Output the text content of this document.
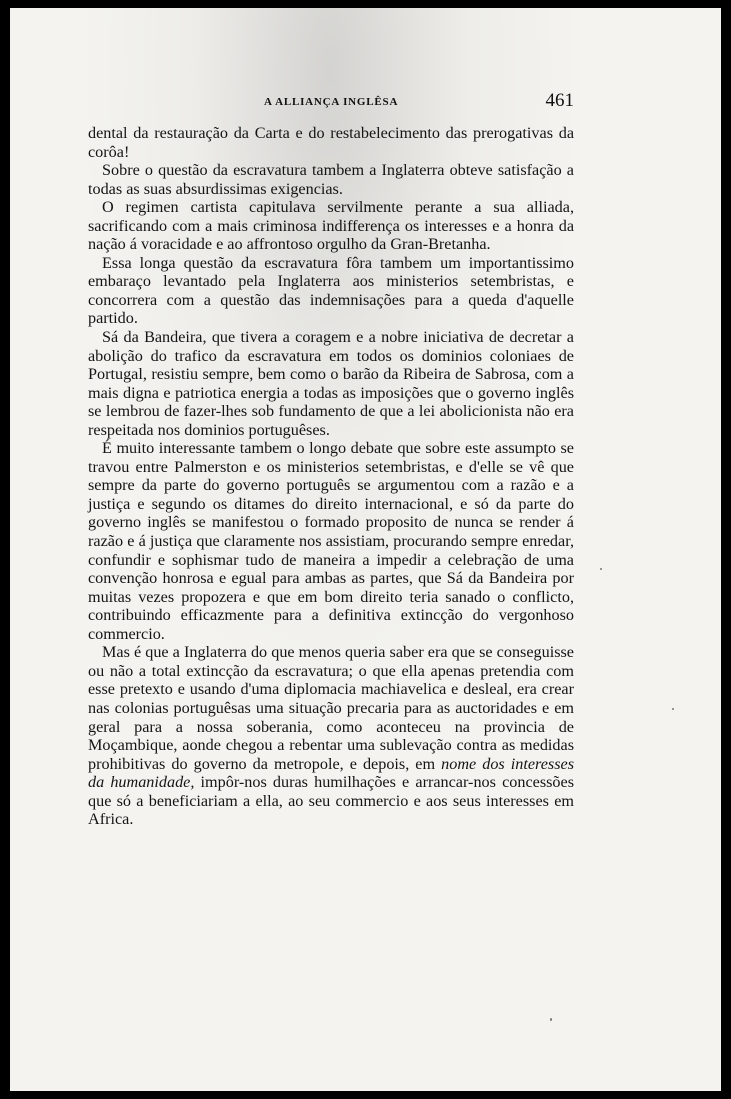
A ALLIANÇA INGLÊSA	461

dental da restauração da Carta e do restabelecimento das prerogativas da corôa!

Sobre o questão da escravatura tambem a Inglaterra obteve satisfação a todas as suas absurdissimas exigencias.

O regimen cartista capitulava servilmente perante a sua alliada, sacrificando com a mais criminosa indifferença os interesses e a honra da nação á voracidade e ao affrontoso orgulho da Gran-Bretanha.

Essa longa questão da escravatura fôra tambem um importantissimo embaraço levantado pela Inglaterra aos ministerios setembristas, e concorrera com a questão das indemnisações para a queda d'aquelle partido.

Sá da Bandeira, que tivera a coragem e a nobre iniciativa de decretar a abolição do trafico da escravatura em todos os dominios coloniaes de Portugal, resistiu sempre, bem como o barão da Ribeira de Sabrosa, com a mais digna e patriotica energia a todas as imposições que o governo inglês se lembrou de fazer-lhes sob fundamento de que a lei abolicionista não era respeitada nos dominios portuguêses.

É muito interessante tambem o longo debate que sobre este assumpto se travou entre Palmerston e os ministerios setembristas, e d'elle se vê que sempre da parte do governo português se argumentou com a razão e a justiça e segundo os ditames do direito internacional, e só da parte do governo inglês se manifestou o formado proposito de nunca se render á razão e á justiça que claramente nos assistiam, procurando sempre enredar, confundir e sophismar tudo de maneira a impedir a celebração de uma convenção honrosa e egual para ambas as partes, que Sá da Bandeira por muitas vezes propozera e que em bom direito teria sanado o conflicto, contribuindo efficazmente para a definitiva extincção do vergonhoso commercio.

Mas é que a Inglaterra do que menos queria saber era que se conseguisse ou não a total extincção da escravatura; o que ella apenas pretendia com esse pretexto e usando d'uma diplomacia machiavelica e desleal, era crear nas colonias portuguêsas uma situação precaria para as auctoridades e em geral para a nossa soberania, como aconteceu na provincia de Moçambique, aonde chegou a rebentar uma sublevação contra as medidas prohibitivas do governo da metropole, e depois, em nome dos interesses da humanidade, impôr-nos duras humilhações e arrancar-nos concessões que só a beneficiariam a ella, ao seu commercio e aos seus interesses em Africa.
